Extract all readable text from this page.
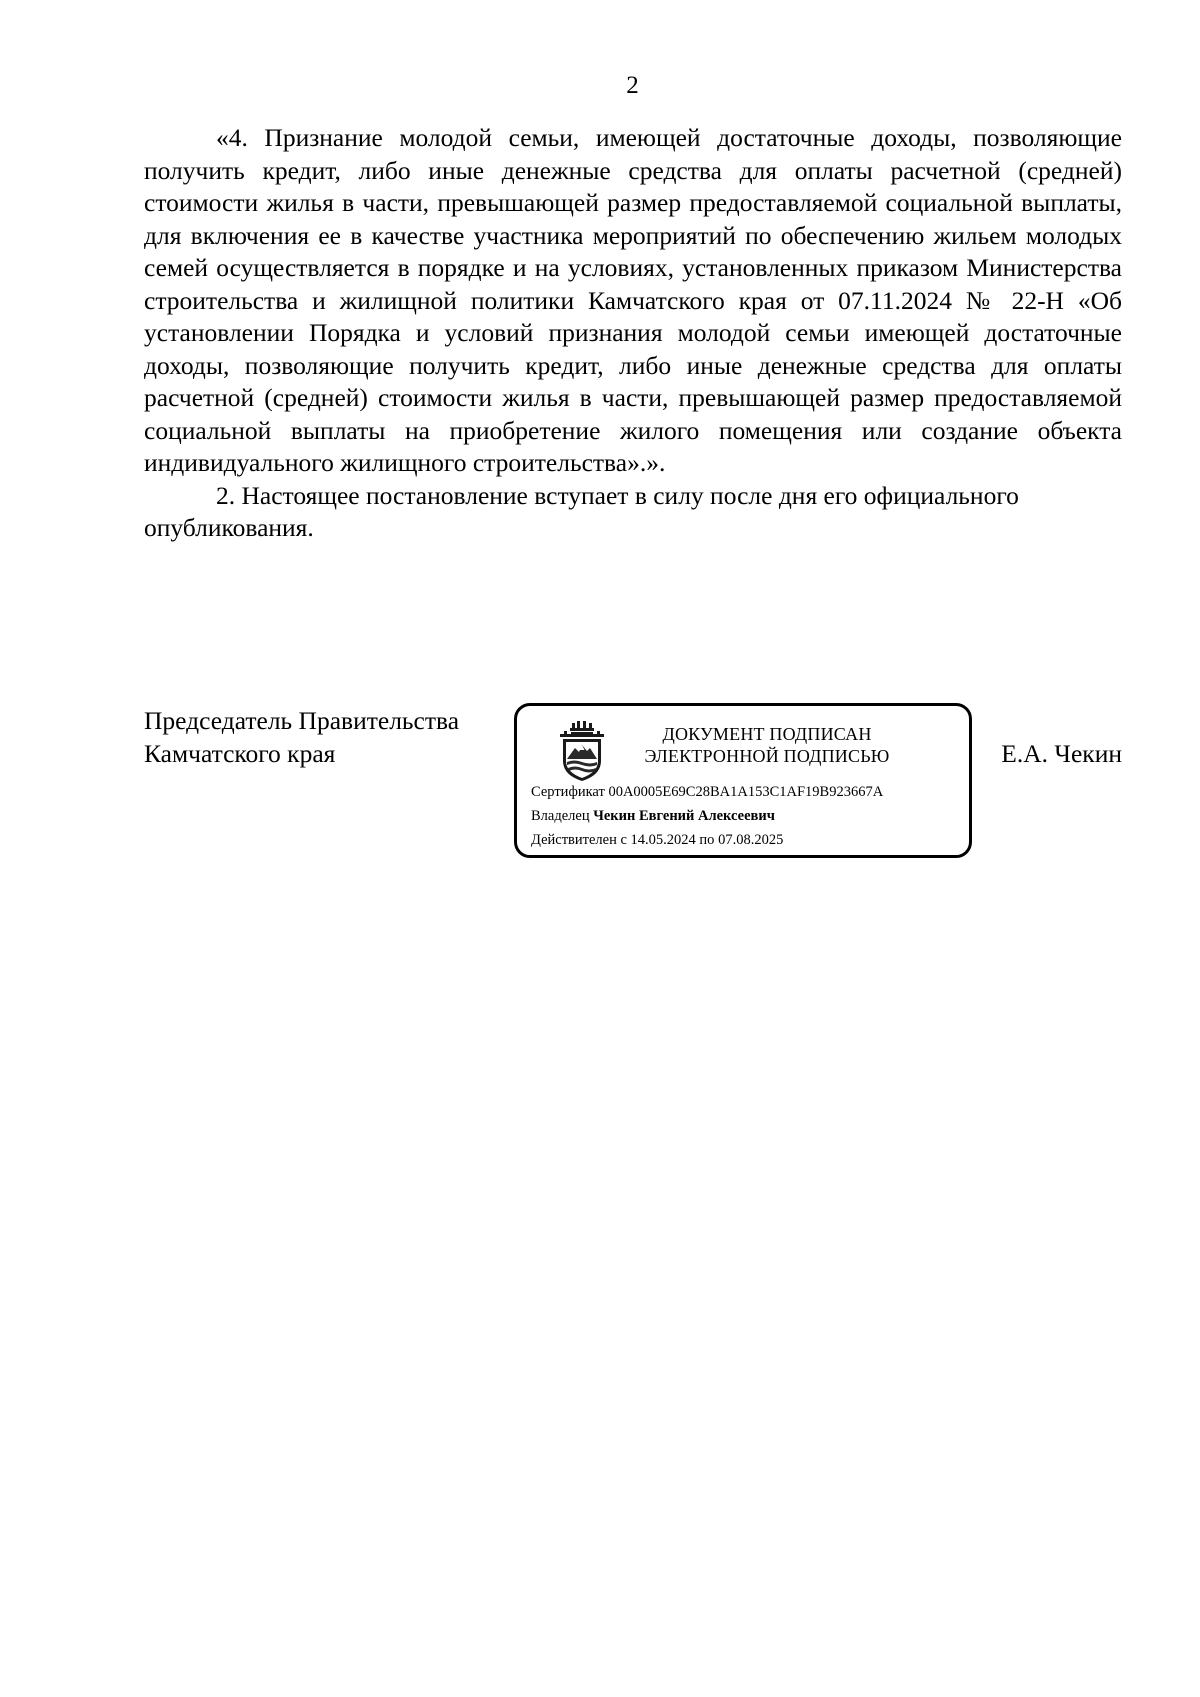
2

«4. Признание молодой семьи, имеющей достаточные доходы, позволяющие получить кредит, либо иные денежные средства для оплаты расчетной (средней) стоимости жилья в части, превышающей размер предоставляемой социальной выплаты, для включения ее в качестве участника мероприятий по обеспечению жильем молодых семей осуществляется в порядке и на условиях, установленных приказом Министерства строительства и жилищной политики Камчатского края от 07.11.2024 № 22-Н «Об установлении Порядка и условий признания молодой семьи имеющей достаточные доходы, позволяющие получить кредит, либо иные денежные средства для оплаты расчетной (средней) стоимости жилья в части, превышающей размер предоставляемой социальной выплаты на приобретение жилого помещения или создание объекта индивидуального жилищного строительства».».

2. Настоящее постановление вступает в силу после дня его официального опубликования.

Председатель Правительства
Камчатского края
ДОКУМЕНТ ПОДПИСАН
ЭЛЕКТРОННОЙ ПОДПИСЬЮ
Сертификат 00A0005E69C28BA1A153C1AF19B923667A
Владелец Чекин Евгений Алексеевич
Действителен с 14.05.2024 по 07.08.2025
Е.А. Чекин
